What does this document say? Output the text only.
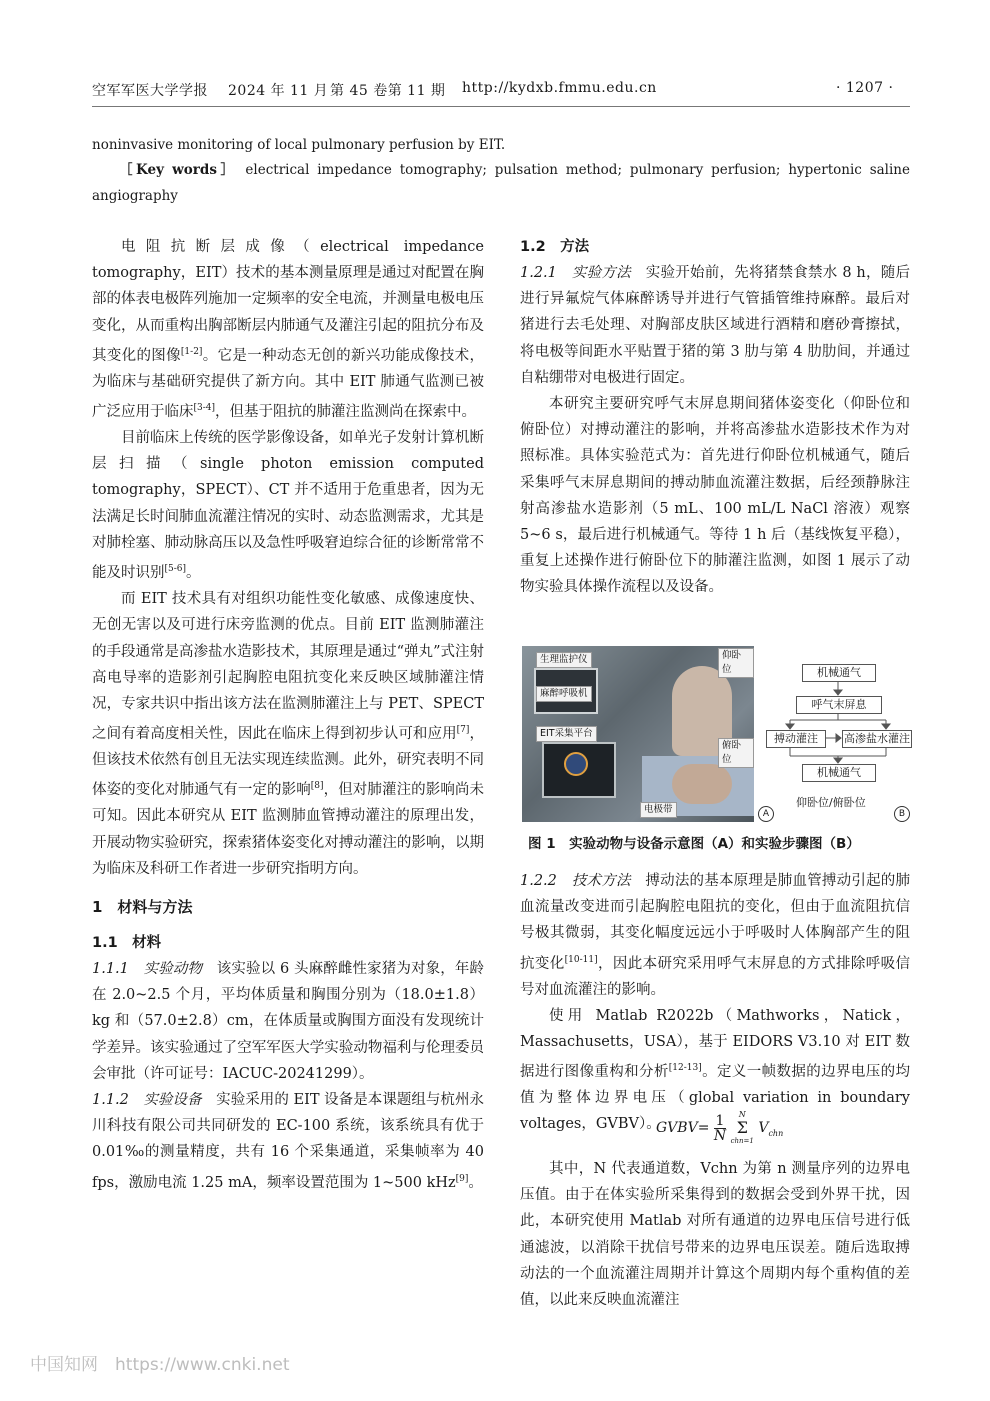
空军军医大学学报 2024 年 11 月 第 45 卷第 11 期 http://kydxb.fmmu.edu.cn	· 1207 ·
noninvasive monitoring of local pulmonary perfusion by EIT.
［Key words］ electrical impedance tomography; pulsation method; pulmonary perfusion; hypertonic saline angiography
电阻抗断层成像（electrical impedance tomography，EIT）技术的基本测量原理是通过对配置在胸部的体表电极阵列施加一定频率的安全电流，并测量电极电压变化，从而重构出胸部断层内肺通气及灌注引起的阻抗分布及其变化的图像[1-2]。它是一种动态无创的新兴功能成像技术，为临床与基础研究提供了新方向。其中 EIT 肺通气监测已被广泛应用于临床[3-4]，但基于阻抗的肺灌注监测尚在探索中。
目前临床上传统的医学影像设备，如单光子发射计算机断层扫描（single photon emission computed tomography，SPECT）、CT 并不适用于危重患者，因为无法满足长时间肺血流灌注情况的实时、动态监测需求，尤其是对肺栓塞、肺动脉高压以及急性呼吸窘迫综合征的诊断常常不能及时识别[5-6]。
而 EIT 技术具有对组织功能性变化敏感、成像速度快、无创无害以及可进行床旁监测的优点。目前 EIT 监测肺灌注的手段通常是高渗盐水造影技术，其原理是通过“弹丸”式注射高电导率的造影剂引起胸腔电阻抗变化来反映区域肺灌注情况，专家共识中指出该方法在监测肺灌注上与 PET、SPECT 之间有着高度相关性，因此在临床上得到初步认可和应用[7]，但该技术依然有创且无法实现连续监测。此外，研究表明不同体姿的变化对肺通气有一定的影响[8]，但对肺灌注的影响尚未可知。因此本研究从 EIT 监测肺血管搏动灌注的原理出发，开展动物实验研究，探索猪体姿变化对搏动灌注的影响，以期为临床及科研工作者进一步研究指明方向。
1　材料与方法
1.1　材料
1.1.1　实验动物　 该实验以 6 头麻醉雌性家猪为对象，年龄在 2.0~2.5 个月，平均体质量和胸围分别为（18.0±1.8）kg 和（57.0±2.8）cm，在体质量或胸围方面没有发现统计学差异。该实验通过了空军军医大学实验动物福利与伦理委员会审批（许可证号：IACUC-20241299）。
1.1.2　实验设备　 实验采用的 EIT 设备是本课题组与杭州永川科技有限公司共同研发的 EC-100 系统，该系统具有优于 0.01‰的测量精度，共有 16 个采集通道，采集帧率为 40 fps，激励电流 1.25 mA，频率设置范围为 1~500 kHz[9]。
1.2　方法
1.2.1　实验方法　 实验开始前，先将猪禁食禁水 8 h，随后进行异氟烷气体麻醉诱导并进行气管插管维持麻醉。最后对猪进行去毛处理、对胸部皮肤区域进行酒精和磨砂膏擦拭，将电极等间距水平贴置于猪的第 3 肋与第 4 肋肋间，并通过自粘绷带对电极进行固定。
本研究主要研究呼气末屏息期间猪体姿变化（仰卧位和俯卧位）对搏动灌注的影响，并将高渗盐水造影技术作为对照标准。具体实验范式为：首先进行仰卧位机械通气，随后采集呼气末屏息期间的搏动肺血流灌注数据，后经颈静脉注射高渗盐水造影剂（5 mL、100 mL/L NaCl 溶液）观察 5~6 s，最后进行机械通气。等待 1 h 后（基线恢复平稳），重复上述操作进行俯卧位下的肺灌注监测，如图 1 展示了动物实验具体操作流程以及设备。
生理监护仪
麻醉呼吸机
EIT采集平台
电极带
仰卧位
俯卧位
A
机械通气
呼气末屏息
搏动灌注	高渗盐水灌注
机械通气
仰卧位/俯卧位
B
图 1　实验动物与设备示意图（A）和实验步骤图（B）
1.2.2　技术方法　 搏动法的基本原理是肺血管搏动引起的肺血流量改变进而引起胸腔电阻抗的变化，但由于血流阻抗信号极其微弱，其变化幅度远远小于呼吸时人体胸部产生的阻抗变化[10-11]，因此本研究采用呼气末屏息的方式排除呼吸信号对血流灌注的影响。
使用 Matlab R2022b（Mathworks，Natick，Massachusetts，USA），基于 EIDORS V3.10 对 EIT 数据进行图像重构和分析[12-13]。定义一帧数据的边界电压的均值为整体边界电压（global variation in boundary voltages，GVBV）。
GVBV= $\frac{1}{N}$
	N
Σ
chn=1
$V_{chn}$
其中，N 代表通道数，Vchn 为第 n 测量序列的边界电压值。由于在体实验所采集得到的数据会受到外界干扰，因此，本研究使用 Matlab 对所有通道的边界电压信号进行低通滤波，以消除干扰信号带来的边界电压误差。随后选取搏动法的一个血流灌注周期并计算这个周期内每个重构值的差值，以此来反映血流灌注
中国知网　https://www.cnki.net
